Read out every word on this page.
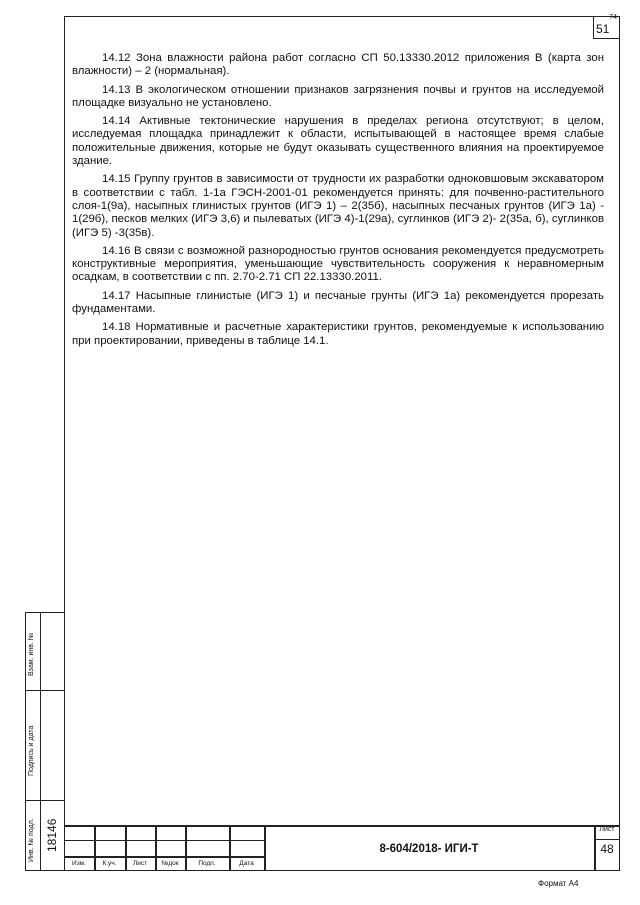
74
51

14.12 Зона влажности района работ согласно СП 50.13330.2012 приложения В (карта зон влажности) – 2 (нормальная).

14.13 В экологическом отношении признаков загрязнения почвы и грунтов на исследуемой площадке визуально не установлено.

14.14 Активные тектонические нарушения в пределах региона отсутствуют; в целом, исследуемая площадка принадлежит к области, испытывающей в настоящее время слабые положительные движения, которые не будут оказывать существенного влияния на проектируемое здание.

14.15 Группу грунтов в зависимости от трудности их разработки одноковшовым экскаватором в соответствии с табл. 1-1а ГЭСН-2001-01 рекомендуется принять: для почвенно-растительного слоя-1(9а), насыпных глинистых грунтов (ИГЭ 1) – 2(35б), насыпных песчаных грунтов (ИГЭ 1а) - 1(29б), песков мелких (ИГЭ 3,6) и пылеватых (ИГЭ 4)-1(29а), суглинков (ИГЭ 2)- 2(35а, б), суглинков (ИГЭ 5) -3(35в).

14.16 В связи с возможной разнородностью грунтов основания рекомендуется предусмотреть конструктивные мероприятия, уменьшающие чувствительность сооружения к неравномерным осадкам, в соответствии с пп. 2.70-2.71 СП 22.13330.2011.

14.17 Насыпные глинистые (ИГЭ 1) и песчаные грунты (ИГЭ 1а) рекомендуется прорезать фундаментами.

14.18 Нормативные и расчетные характеристики грунтов, рекомендуемые к использованию при проектировании, приведены в таблице 14.1.

Взам. инв. №
Подпись и дата
Инв. № подл. 18146
Изм.	К.уч.	Лист	№док	Подп.	Дата
8-604/2018- ИГИ-Т
Лист
48
Формат А4
